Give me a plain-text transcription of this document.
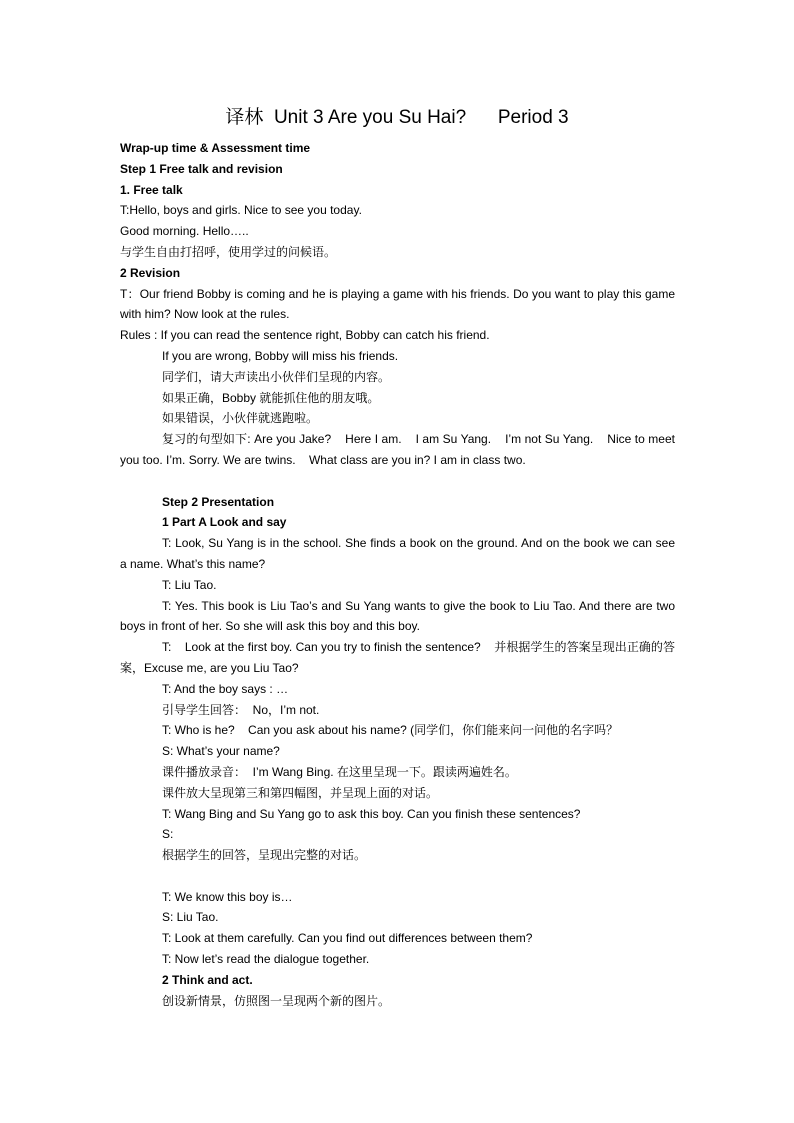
译林  Unit 3 Are you Su Hai?      Period 3

Wrap-up time & Assessment time

Step 1 Free talk and revision

1. Free talk

T:Hello, boys and girls. Nice to see you today.

Good morning. Hello…..

与学生自由打招呼，使用学过的问候语。

2 Revision

T：Our friend Bobby is coming and he is playing a game with his friends. Do you want to play this game with him? Now look at the rules.

Rules : If you can read the sentence right, Bobby can catch his friend.

If you are wrong, Bobby will miss his friends.

同学们，请大声读出小伙伴们呈现的内容。

如果正确，Bobby 就能抓住他的朋友哦。

如果错误，小伙伴就逃跑啦。

复习的句型如下: Are you Jake?    Here I am.    I am Su Yang.    I’m not Su Yang.    Nice to meet you too. I’m. Sorry. We are twins.    What class are you in? I am in class two.

Step 2 Presentation

1 Part A Look and say

T: Look, Su Yang is in the school. She finds a book on the ground. And on the book we can see a name. What’s this name?

T: Liu Tao.

T: Yes. This book is Liu Tao’s and Su Yang wants to give the book to Liu Tao. And there are two boys in front of her. So she will ask this boy and this boy.

T:    Look at the first boy. Can you try to finish the sentence?    并根据学生的答案呈现出正确的答案，Excuse me, are you Liu Tao?

T: And the boy says : …

引导学生回答：  No，I’m not.

T: Who is he?    Can you ask about his name? (同学们，你们能来问一问他的名字吗？

S: What’s your name?

课件播放录音：  I’m Wang Bing. 在这里呈现一下。跟读两遍姓名。

课件放大呈现第三和第四幅图，并呈现上面的对话。

T: Wang Bing and Su Yang go to ask this boy. Can you finish these sentences?

S:

根据学生的回答，呈现出完整的对话。

T: We know this boy is…

S: Liu Tao.

T: Look at them carefully. Can you find out differences between them?

T: Now let’s read the dialogue together.

2 Think and act.

创设新情景，仿照图一呈现两个新的图片。
